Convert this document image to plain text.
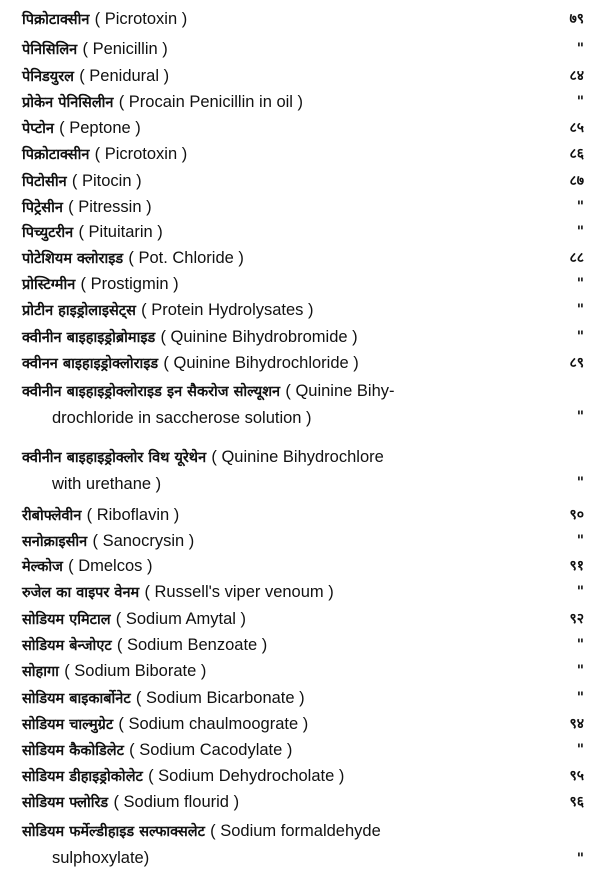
पिक्रोटाक्सीन ( Picrotoxin )	७९
पेनिसिलिन ( Penicillin )	"
पेनिडयुरल ( Penidural )	८४
प्रोकेन पेनिसिलीन ( Procain Penicillin in oil )	"
पेप्टोन ( Peptone )	८५
पिक्रोटाक्सीन ( Picrotoxin )	८६
पिटोसीन ( Pitocin )	८७
पिट्रेसीन ( Pitressin )	"
पिच्युटरीन ( Pituitarin )	"
पोटेशियम क्लोराइड ( Pot. Chloride )	८८
प्रोस्टिग्मीन ( Prostigmin )	"
प्रोटीन हाइड्रोलाइसेट्स ( Protein Hydrolysates )	"
क्वीनीन बाइहाइड्रोब्रोमाइड ( Quinine Bihydrobromide )	"
क्वीनन बाइहाइड्रोक्लोराइड ( Quinine Bihydrochloride )	८९
क्वीनीन बाइहाइड्रोक्लोराइड इन सैकरोज सोल्यूशन ( Quinine Bihy-
drochloride in saccherose solution )	"
क्वीनीन बाइहाइड्रोक्लोर विथ यूरेथेन ( Quinine Bihydrochlore
with urethane )	"
रीबोफ्लेवीन ( Riboflavin )	९०
सनोक्राइसीन ( Sanocrysin )	"
मेल्कोज ( Dmelcos )	९१
रुजेल का वाइपर वेनम ( Russell's viper venoum )	"
सोडियम एमिटाल ( Sodium Amytal )	९२
सोडियम बेन्जोएट ( Sodium Benzoate )	"
सोहागा ( Sodium Biborate )	"
सोडियम बाइकार्बोनेट ( Sodium Bicarbonate )	"
सोडियम चाल्मुग्रेट ( Sodium chaulmoograte )	९४
सोडियम कैकोडिलेट ( Sodium Cacodylate )	"
सोडियम डीहाइड्रोकोलेट ( Sodium Dehydrocholate )	९५
सोडियम फ्लोरिड ( Sodium flourid )	९६
सोडियम फर्मेल्डीहाइड सल्फाक्सलेट ( Sodium formaldehyde
sulphoxylate)	"
